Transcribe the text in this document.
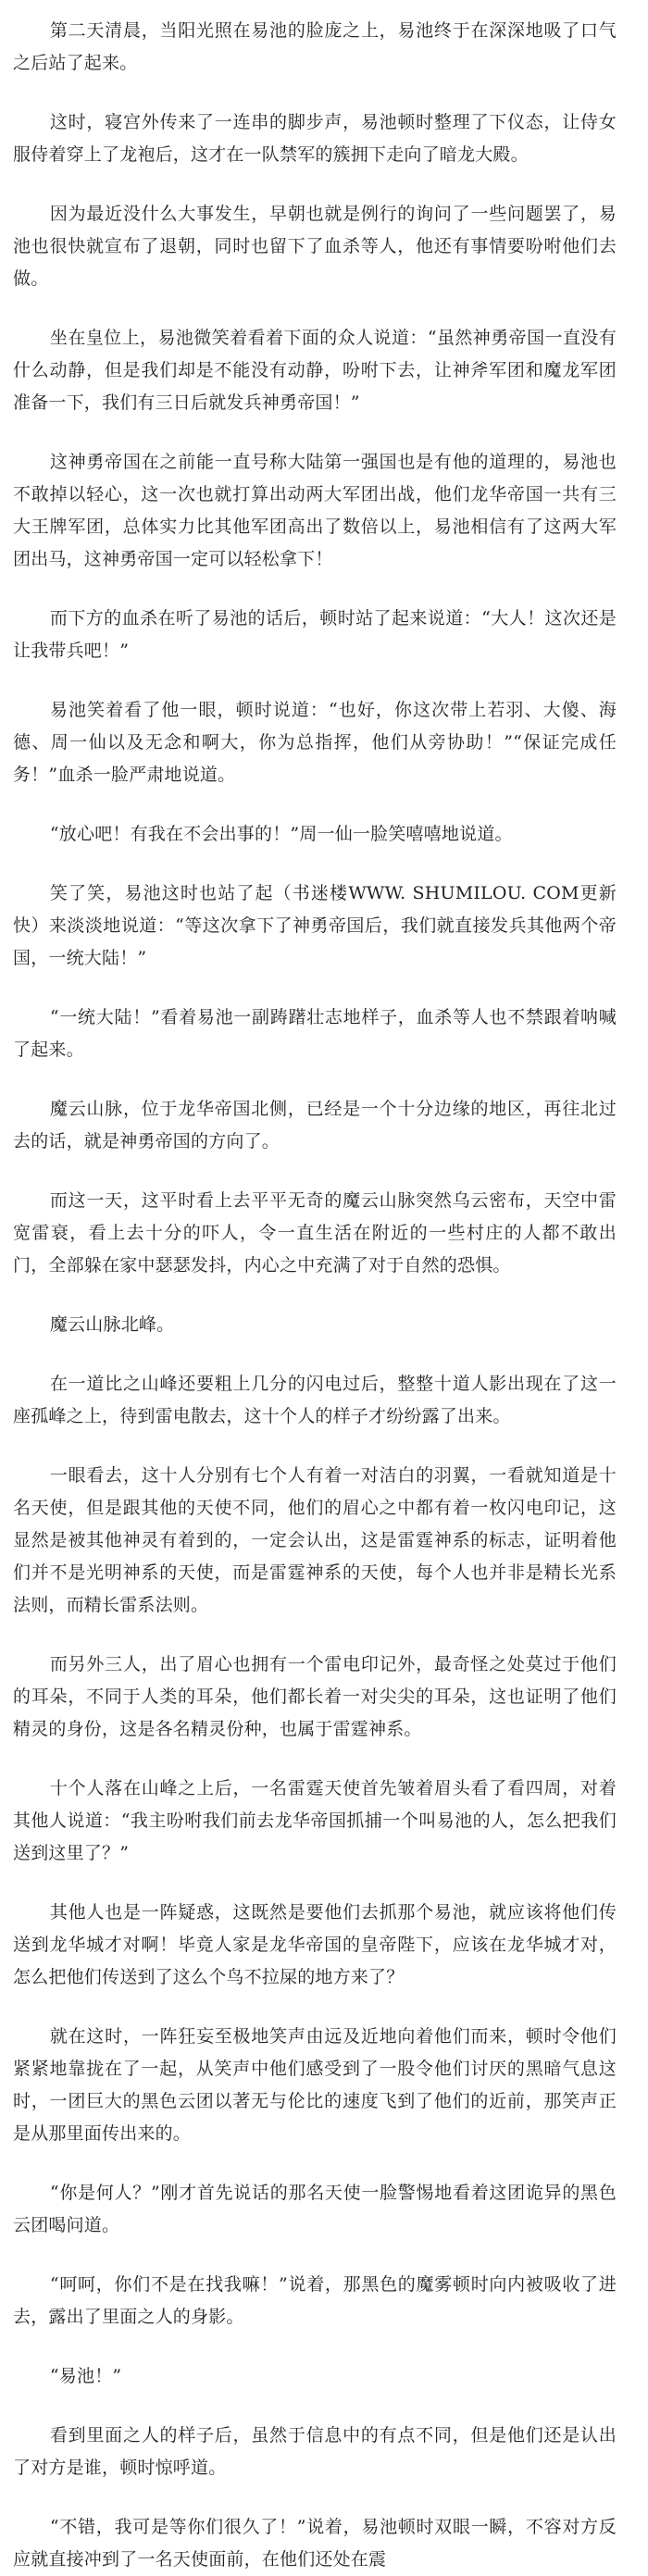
第二天清晨，当阳光照在易池的脸庞之上，易池终于在深深地吸了口气之后站了起来。

这时，寝宫外传来了一连串的脚步声，易池顿时整理了下仪态，让侍女服侍着穿上了龙袍后，这才在一队禁军的簇拥下走向了暗龙大殿。

因为最近没什么大事发生，早朝也就是例行的询问了一些问题罢了，易池也很快就宣布了退朝，同时也留下了血杀等人，他还有事情要吩咐他们去做。

坐在皇位上，易池微笑着看着下面的众人说道：“虽然神勇帝国一直没有什么动静，但是我们却是不能没有动静，吩咐下去，让神斧军团和魔龙军团准备一下，我们有三日后就发兵神勇帝国！”

这神勇帝国在之前能一直号称大陆第一强国也是有他的道理的，易池也不敢掉以轻心，这一次也就打算出动两大军团出战，他们龙华帝国一共有三大王牌军团，总体实力比其他军团高出了数倍以上，易池相信有了这两大军团出马，这神勇帝国一定可以轻松拿下！

而下方的血杀在听了易池的话后，顿时站了起来说道：“大人！这次还是让我带兵吧！”

易池笑着看了他一眼，顿时说道：“也好，你这次带上若羽、大傻、海德、周一仙以及无念和啊大，你为总指挥，他们从旁协助！”“保证完成任务！”血杀一脸严肃地说道。

“放心吧！有我在不会出事的！”周一仙一脸笑嘻嘻地说道。

笑了笑，易池这时也站了起（书迷楼WWW. SHUMILOU. COM更新快）来淡淡地说道：“等这次拿下了神勇帝国后，我们就直接发兵其他两个帝国，一统大陆！”

“一统大陆！”看着易池一副踌躇壮志地样子，血杀等人也不禁跟着呐喊了起来。

魔云山脉，位于龙华帝国北侧，已经是一个十分边缘的地区，再往北过去的话，就是神勇帝国的方向了。

而这一天，这平时看上去平平无奇的魔云山脉突然乌云密布，天空中雷宽雷衰，看上去十分的吓人，令一直生活在附近的一些村庄的人都不敢出门，全部躲在家中瑟瑟发抖，内心之中充满了对于自然的恐惧。

魔云山脉北峰。

在一道比之山峰还要粗上几分的闪电过后，整整十道人影出现在了这一座孤峰之上，待到雷电散去，这十个人的样子才纷纷露了出来。

一眼看去，这十人分别有七个人有着一对洁白的羽翼，一看就知道是十名天使，但是跟其他的天使不同，他们的眉心之中都有着一枚闪电印记，这显然是被其他神灵有着到的，一定会认出，这是雷霆神系的标志，证明着他们并不是光明神系的天使，而是雷霆神系的天使，每个人也并非是精长光系法则，而精长雷系法则。

而另外三人，出了眉心也拥有一个雷电印记外，最奇怪之处莫过于他们的耳朵，不同于人类的耳朵，他们都长着一对尖尖的耳朵，这也证明了他们精灵的身份，这是各名精灵份种，也属于雷霆神系。

十个人落在山峰之上后，一名雷霆天使首先皱着眉头看了看四周，对着其他人说道：“我主吩咐我们前去龙华帝国抓捕一个叫易池的人，怎么把我们送到这里了？”

其他人也是一阵疑惑，这既然是要他们去抓那个易池，就应该将他们传送到龙华城才对啊！毕竟人家是龙华帝国的皇帝陛下，应该在龙华城才对，怎么把他们传送到了这么个鸟不拉屎的地方来了？

就在这时，一阵狂妄至极地笑声由远及近地向着他们而来，顿时令他们紧紧地靠拢在了一起，从笑声中他们感受到了一股令他们讨厌的黑暗气息这时，一团巨大的黑色云团以著无与伦比的速度飞到了他们的近前，那笑声正是从那里面传出来的。

“你是何人？”刚才首先说话的那名天使一脸警惕地看着这团诡异的黑色云团喝问道。

“呵呵，你们不是在找我嘛！”说着，那黑色的魔雾顿时向内被吸收了进去，露出了里面之人的身影。

“易池！”

看到里面之人的样子后，虽然于信息中的有点不同，但是他们还是认出了对方是谁，顿时惊呼道。

“不错，我可是等你们很久了！”说着，易池顿时双眼一瞬，不容对方反应就直接冲到了一名天使面前，在他们还处在震
